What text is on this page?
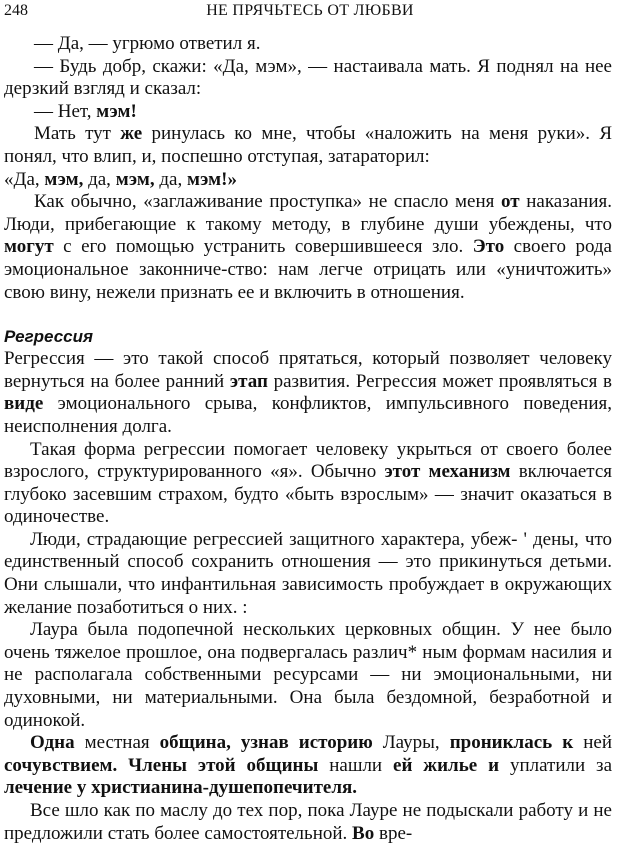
248	НЕ ПРЯЧЬТЕСЬ ОТ ЛЮБВИ

— Да, — угрюмо ответил я.

— Будь добр, скажи: «Да, мэм», — настаивала мать. Я поднял на нее дерзкий взгляд и сказал:

— Нет, мэм!

Мать тут же ринулась ко мне, чтобы «наложить на меня руки». Я понял, что влип, и, поспешно отступая, затараторил:

«Да, мэм, да, мэм, да, мэм!»

Как обычно, «заглаживание проступка» не спасло меня от наказания. Люди, прибегающие к такому методу, в глубине души убеждены, что могут с его помощью устранить совершившееся зло. Это своего рода эмоциональное законниче-ство: нам легче отрицать или «уничтожить» свою вину, нежели признать ее и включить в отношения.

Регрессия

Регрессия — это такой способ прятаться, который позволяет человеку вернуться на более ранний этап развития. Регрессия может проявляться в виде эмоционального срыва, конфликтов, импульсивного поведения, неисполнения долга.

Такая форма регрессии помогает человеку укрыться от своего более взрослого, структурированного «я». Обычно этот механизм включается глубоко засевшим страхом, будто «быть взрослым» — значит оказаться в одиночестве.

Люди, страдающие регрессией защитного характера, убеж- ' дены, что единственный способ сохранить отношения — это прикинуться детьми. Они слышали, что инфантильная зависимость пробуждает в окружающих желание позаботиться о них. :

Лаура была подопечной нескольких церковных общин. У нее было очень тяжелое прошлое, она подвергалась различ* ным формам насилия и не располагала собственными ресурсами — ни эмоциональными, ни духовными, ни материальными. Она была бездомной, безработной и одинокой.

Одна местная община, узнав историю Лауры, прониклась к ней сочувствием. Члены этой общины нашли ей жилье и уплатили за лечение у христианина-душепопечителя.

Все шло как по маслу до тех пор, пока Лауре не подыскали работу и не предложили стать более самостоятельной. Во вре-
